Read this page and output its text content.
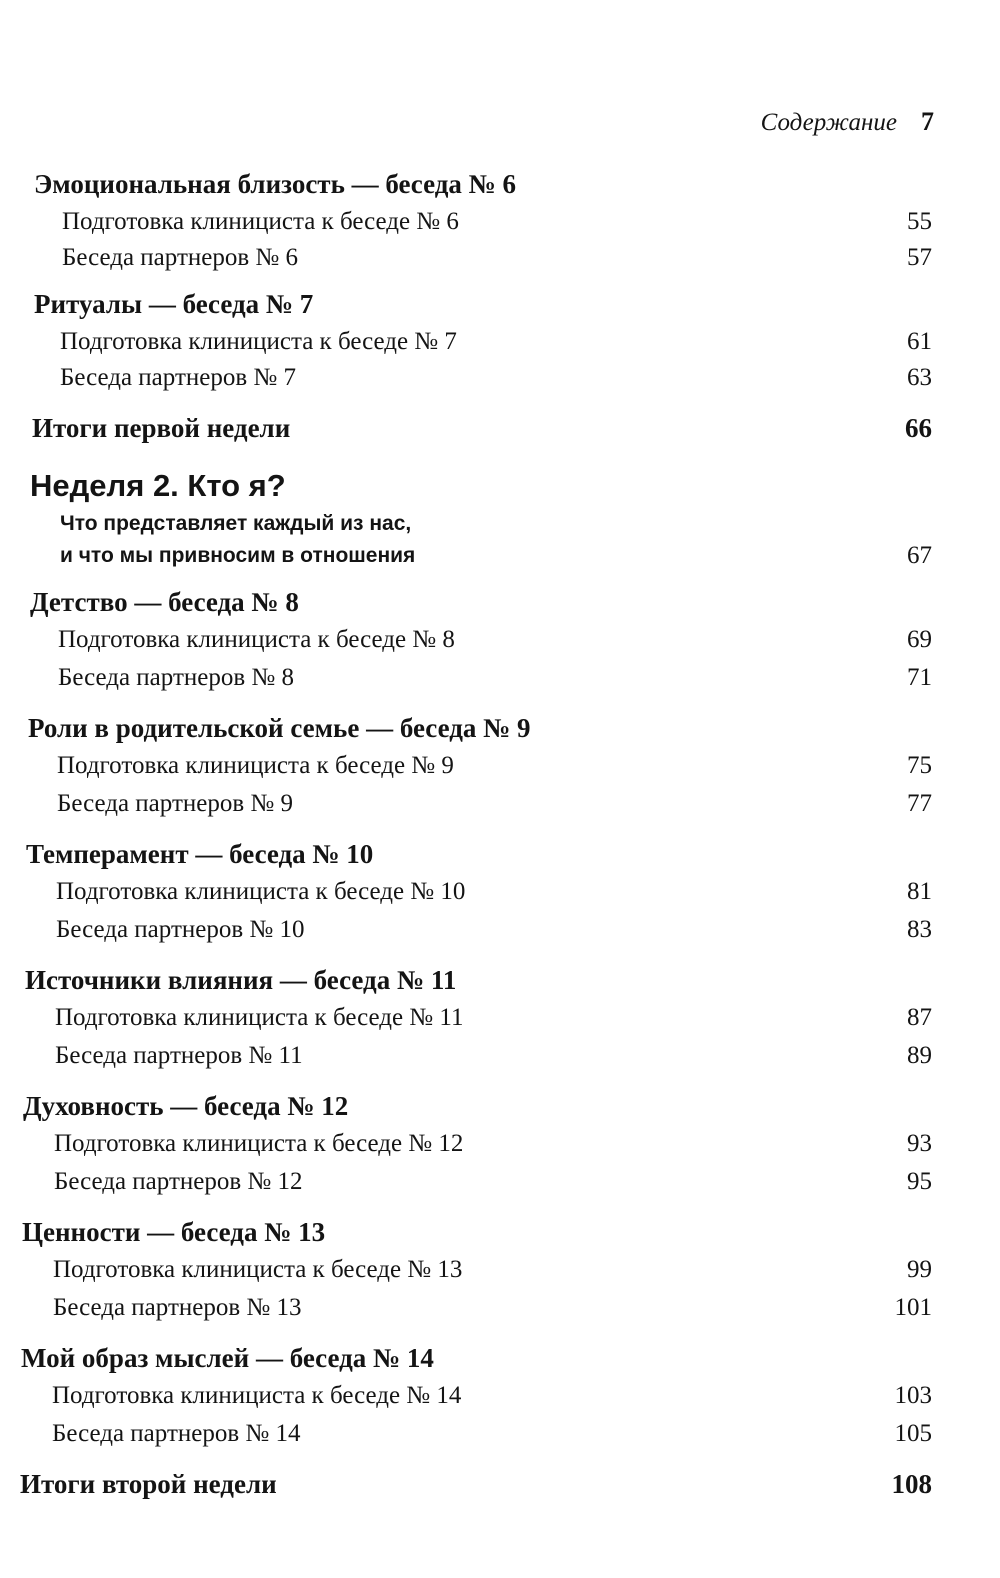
Содержание 7
Эмоциональная близость — беседа № 6
Подготовка клинициста к беседе № 6	55
Беседа партнеров № 6	57
Ритуалы — беседа № 7
Подготовка клинициста к беседе № 7	61
Беседа партнеров № 7	63
Итоги первой недели	66
Неделя 2. Кто я?
Что представляет каждый из нас,
и что мы привносим в отношения	67
Детство — беседа № 8
Подготовка клинициста к беседе № 8	69
Беседа партнеров № 8	71
Роли в родительской семье — беседа № 9
Подготовка клинициста к беседе № 9	75
Беседа партнеров № 9	77
Темперамент — беседа № 10
Подготовка клинициста к беседе № 10	81
Беседа партнеров № 10	83
Источники влияния — беседа № 11
Подготовка клинициста к беседе № 11	87
Беседа партнеров № 11	89
Духовность — беседа № 12
Подготовка клинициста к беседе № 12	93
Беседа партнеров № 12	95
Ценности — беседа № 13
Подготовка клинициста к беседе № 13	99
Беседа партнеров № 13	101
Мой образ мыслей — беседа № 14
Подготовка клинициста к беседе № 14	103
Беседа партнеров № 14	105
Итоги второй недели	108
